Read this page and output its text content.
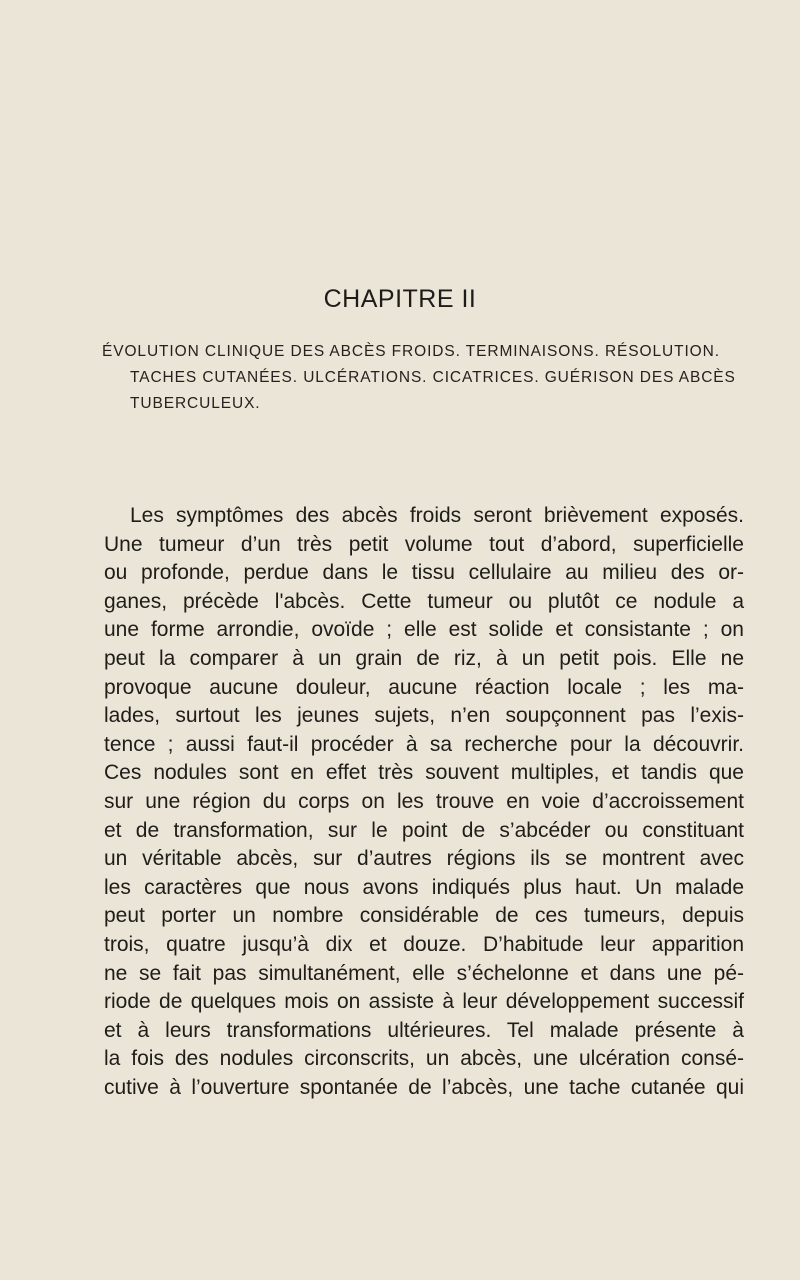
CHAPITRE II
ÉVOLUTION CLINIQUE DES ABCÈS FROIDS. TERMINAISONS. RÉSOLUTION.
TACHES CUTANÉES. ULCÉRATIONS. CICATRICES. GUÉRISON DES ABCÈS
TUBERCULEUX.
Les symptômes des abcès froids seront brièvement exposés.
Une tumeur d’un très petit volume tout d’abord, superficielle
ou profonde, perdue dans le tissu cellulaire au milieu des or-
ganes, précède l'abcès. Cette tumeur ou plutôt ce nodule a
une forme arrondie, ovoïde ; elle est solide et consistante ; on
peut la comparer à un grain de riz, à un petit pois. Elle ne
provoque aucune douleur, aucune réaction locale ; les ma-
lades, surtout les jeunes sujets, n’en soupçonnent pas l’exis-
tence ; aussi faut-il procéder à sa recherche pour la découvrir.
Ces nodules sont en effet très souvent multiples, et tandis que
sur une région du corps on les trouve en voie d’accroissement
et de transformation, sur le point de s’abcéder ou constituant
un véritable abcès, sur d’autres régions ils se montrent avec
les caractères que nous avons indiqués plus haut. Un malade
peut porter un nombre considérable de ces tumeurs, depuis
trois, quatre jusqu’à dix et douze. D’habitude leur apparition
ne se fait pas simultanément, elle s’échelonne et dans une pé-
riode de quelques mois on assiste à leur développement successif
et à leurs transformations ultérieures. Tel malade présente à
la fois des nodules circonscrits, un abcès, une ulcération consé-
cutive à l’ouverture spontanée de l’abcès, une tache cutanée qui
